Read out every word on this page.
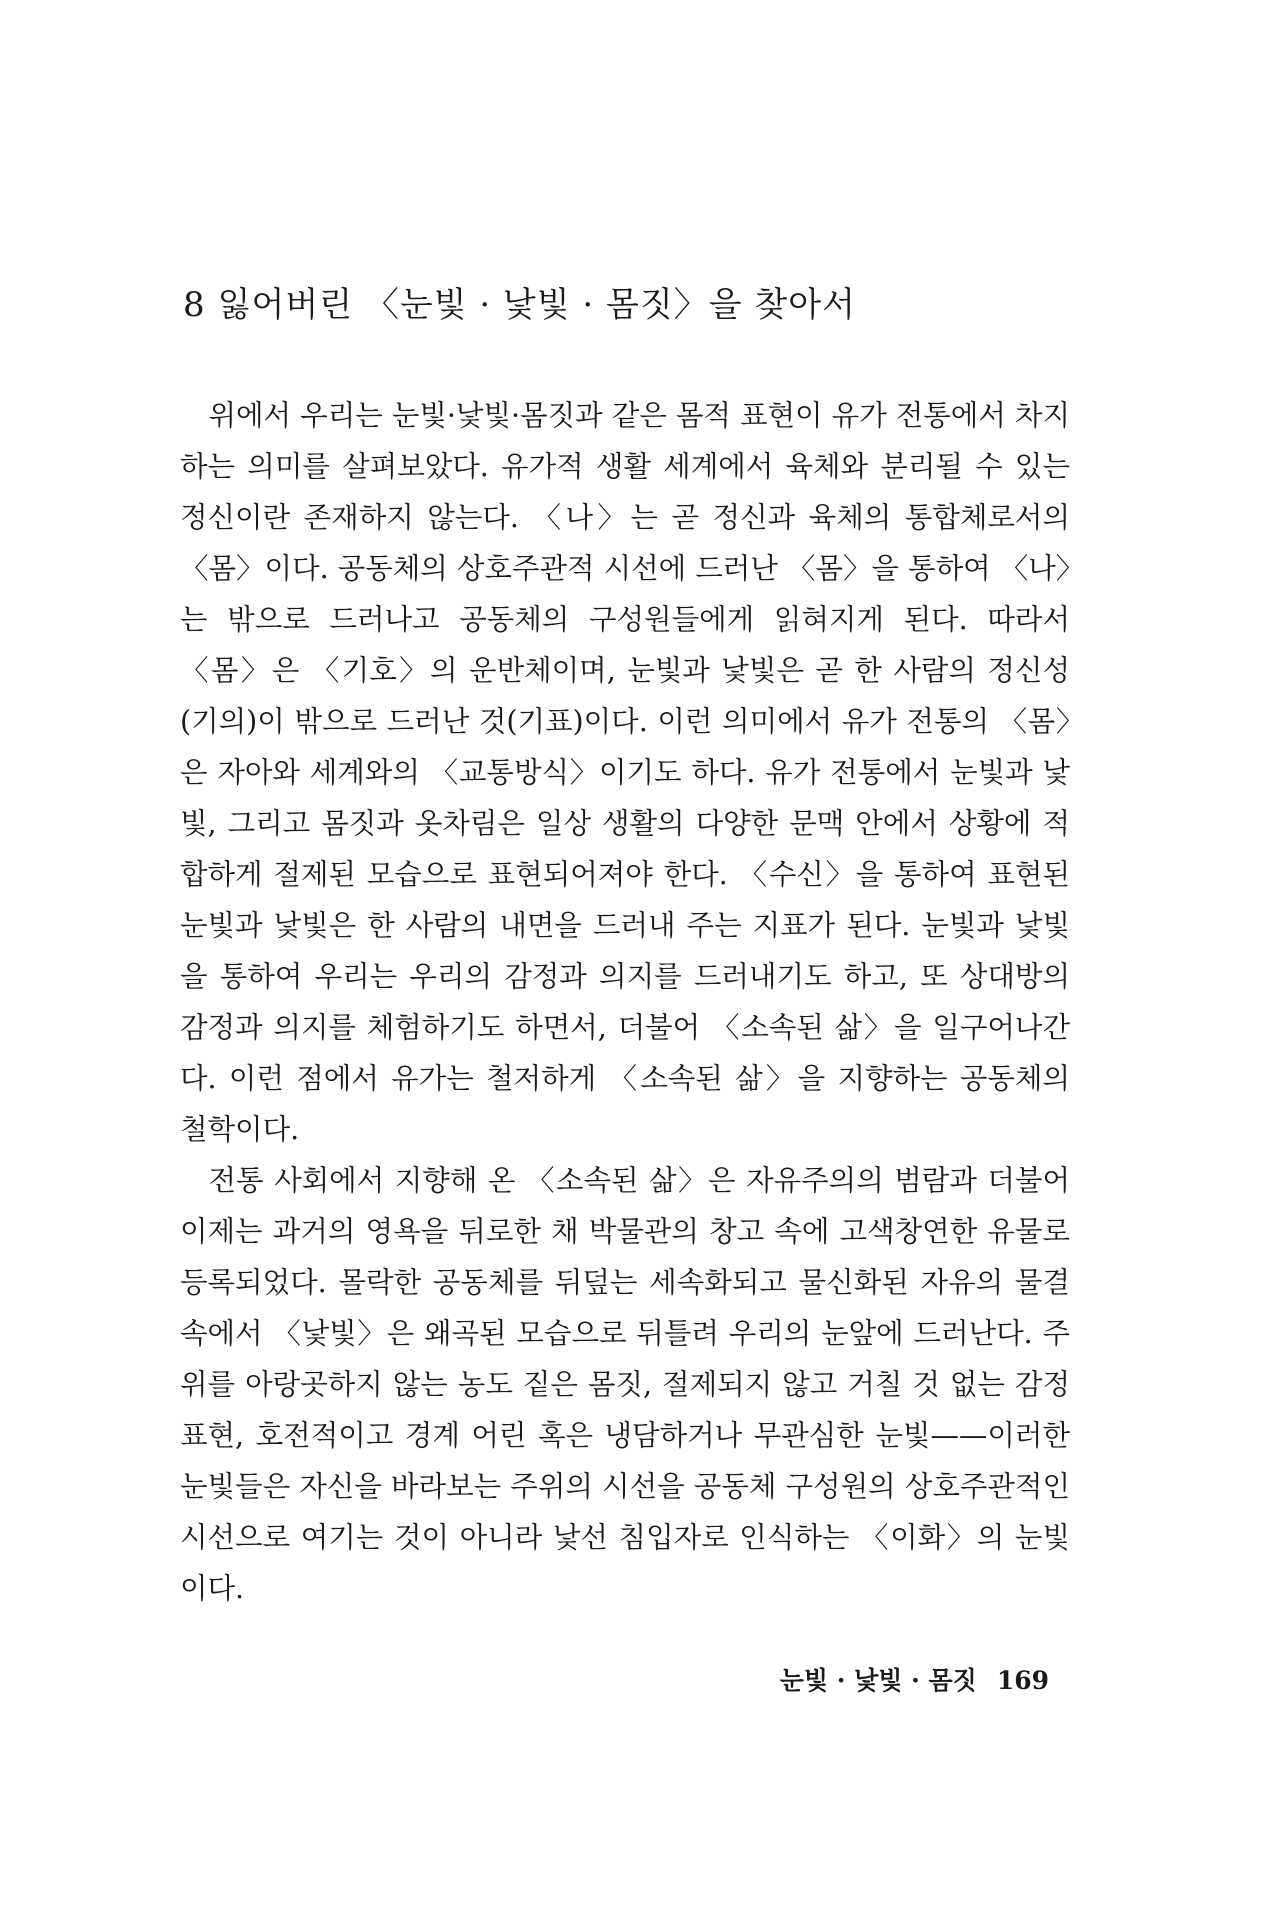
8 잃어버린 〈눈빛 · 낯빛 · 몸짓〉을 찾아서

위에서 우리는 눈빛·낯빛·몸짓과 같은 몸적 표현이 유가 전통에서 차지하는 의미를 살펴보았다. 유가적 생활 세계에서 육체와 분리될 수 있는 정신이란 존재하지 않는다. 〈나〉는 곧 정신과 육체의 통합체로서의 〈몸〉이다. 공동체의 상호주관적 시선에 드러난 〈몸〉을 통하여 〈나〉는 밖으로 드러나고 공동체의 구성원들에게 읽혀지게 된다. 따라서 〈몸〉은 〈기호〉의 운반체이며, 눈빛과 낯빛은 곧 한 사람의 정신성(기의)이 밖으로 드러난 것(기표)이다. 이런 의미에서 유가 전통의 〈몸〉은 자아와 세계와의 〈교통방식〉이기도 하다. 유가 전통에서 눈빛과 낯빛, 그리고 몸짓과 옷차림은 일상 생활의 다양한 문맥 안에서 상황에 적합하게 절제된 모습으로 표현되어져야 한다. 〈수신〉을 통하여 표현된 눈빛과 낯빛은 한 사람의 내면을 드러내 주는 지표가 된다. 눈빛과 낯빛을 통하여 우리는 우리의 감정과 의지를 드러내기도 하고, 또 상대방의 감정과 의지를 체험하기도 하면서, 더불어 〈소속된 삶〉을 일구어나간다. 이런 점에서 유가는 철저하게 〈소속된 삶〉을 지향하는 공동체의 철학이다.

전통 사회에서 지향해 온 〈소속된 삶〉은 자유주의의 범람과 더불어 이제는 과거의 영욕을 뒤로한 채 박물관의 창고 속에 고색창연한 유물로 등록되었다. 몰락한 공동체를 뒤덮는 세속화되고 물신화된 자유의 물결 속에서 〈낯빛〉은 왜곡된 모습으로 뒤틀려 우리의 눈앞에 드러난다. 주위를 아랑곳하지 않는 농도 짙은 몸짓, 절제되지 않고 거칠 것 없는 감정 표현, 호전적이고 경계 어린 혹은 냉담하거나 무관심한 눈빛——이러한 눈빛들은 자신을 바라보는 주위의 시선을 공동체 구성원의 상호주관적인 시선으로 여기는 것이 아니라 낯선 침입자로 인식하는 〈이화〉의 눈빛이다.

눈빛 · 낯빛 · 몸짓 169
